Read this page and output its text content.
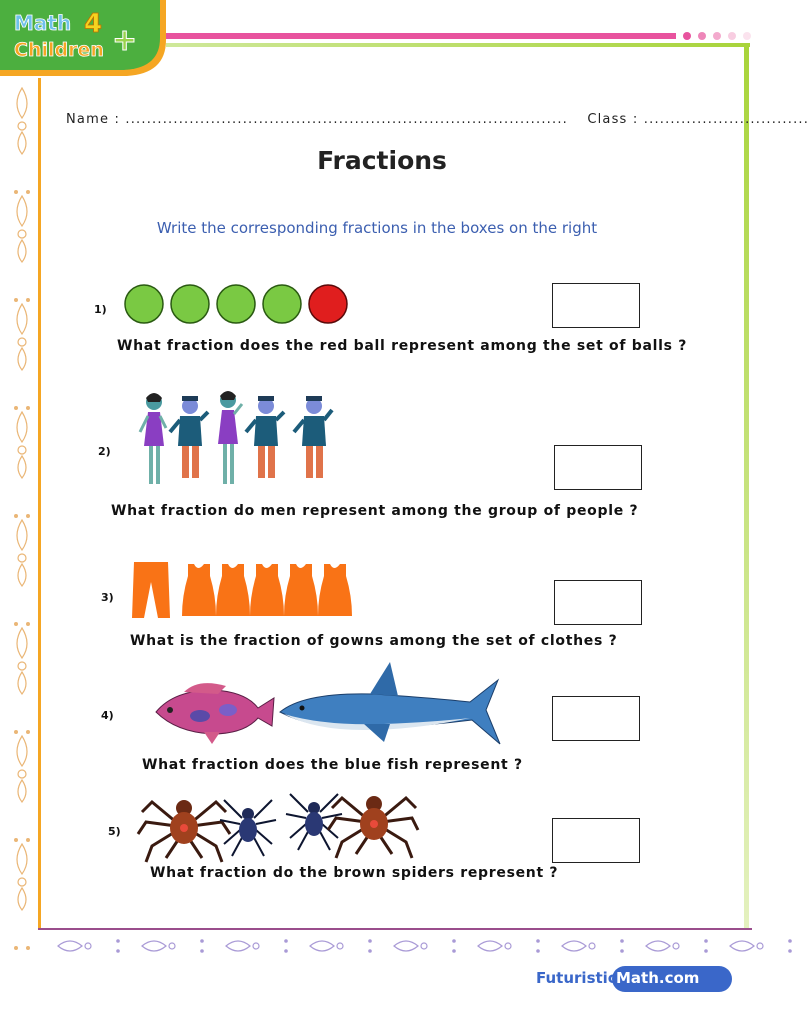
Math 4
Children +
Name : ................................................................................... Class : ...............................
Fractions
Write the corresponding fractions in the boxes on the right
1)
What fraction does the red ball represent among the set of balls ?
2)
What fraction do men represent among the group of people ?
3)
What is the fraction of gowns among the set of clothes ?
4)
What fraction does the blue fish represent ?
5)
What fraction do the brown spiders represent ?
Futuristic Math.com
